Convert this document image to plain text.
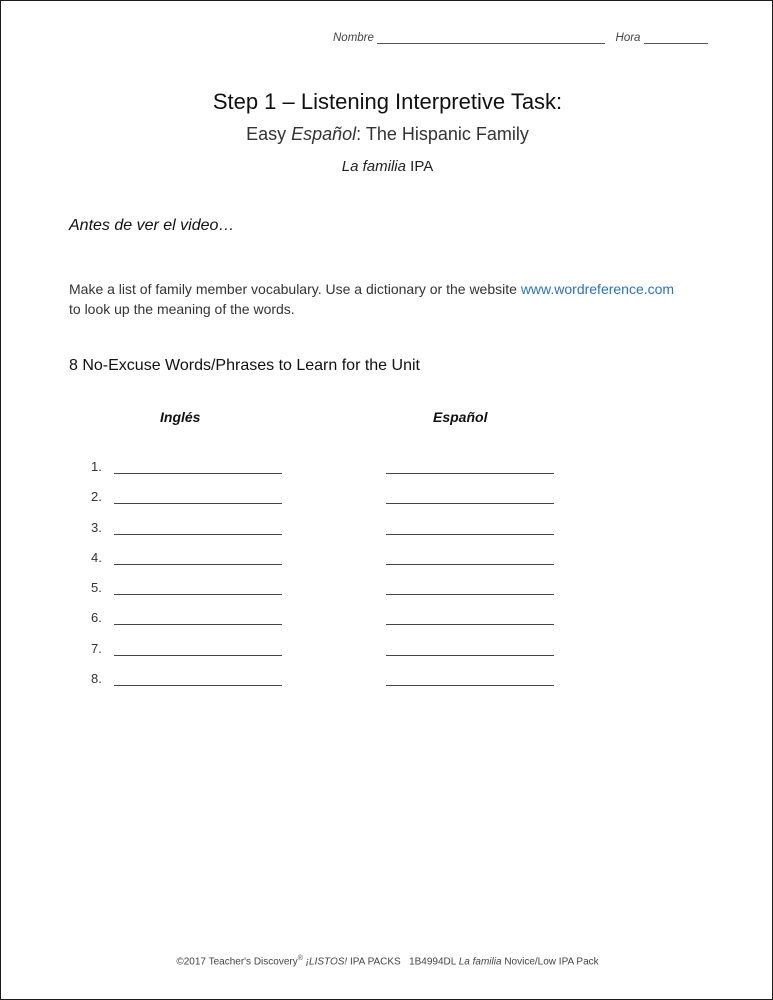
Nombre	Hora
Step 1 – Listening Interpretive Task:
Easy Español: The Hispanic Family
La familia IPA
Antes de ver el video…
Make a list of family member vocabulary. Use a dictionary or the website www.wordreference.com
to look up the meaning of the words.
8 No-Excuse Words/Phrases to Learn for the Unit
Inglés	Español
1.
2.
3.
4.
5.
6.
7.
8.
©2017 Teacher's Discovery® ¡LISTOS! IPA PACKS   1B4994DL La familia Novice/Low IPA Pack
